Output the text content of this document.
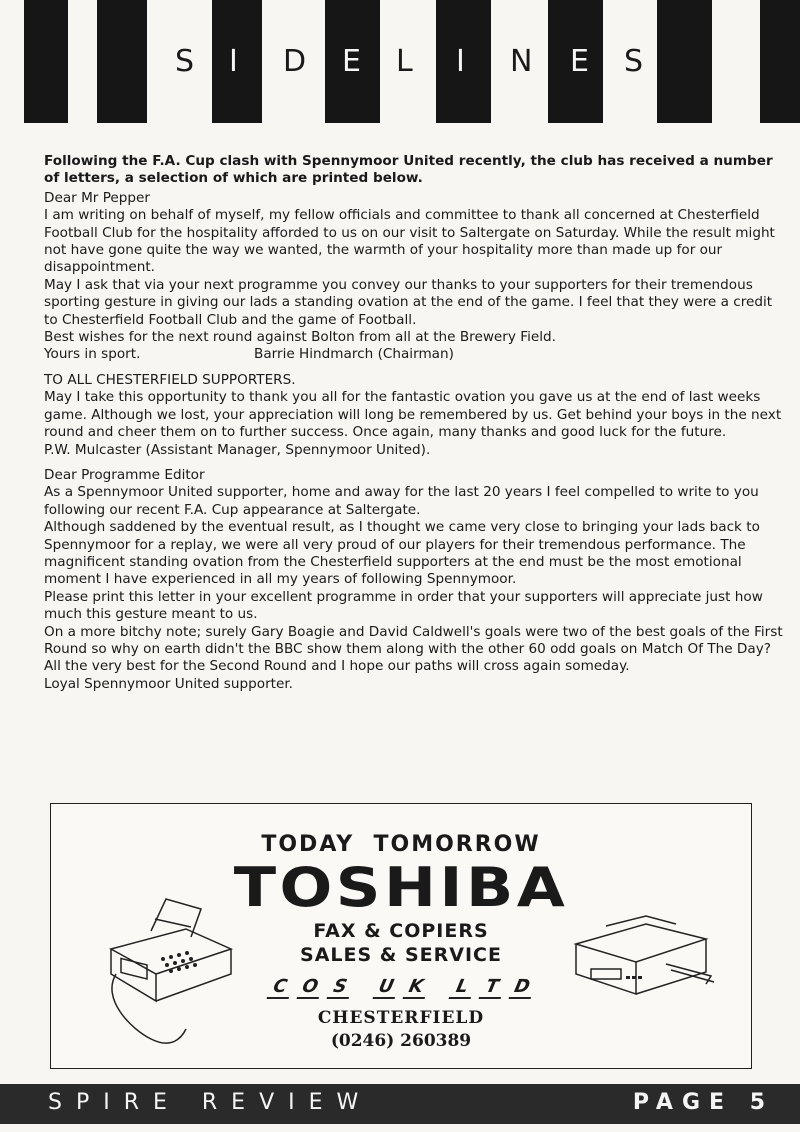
S I D E L I N E S

Following the F.A. Cup clash with Spennymoor United recently, the club has received a number of letters, a selection of which are printed below.

Dear Mr Pepper

I am writing on behalf of myself, my fellow officials and committee to thank all concerned at Chesterfield Football Club for the hospitality afforded to us on our visit to Saltergate on Saturday. While the result might not have gone quite the way we wanted, the warmth of your hospitality more than made up for our disappointment.

May I ask that via your next programme you convey our thanks to your supporters for their tremendous sporting gesture in giving our lads a standing ovation at the end of the game. I feel that they were a credit to Chesterfield Football Club and the game of Football.

Best wishes for the next round against Bolton from all at the Brewery Field.

Yours in sport.	Barrie Hindmarch (Chairman)

TO ALL CHESTERFIELD SUPPORTERS.

May I take this opportunity to thank you all for the fantastic ovation you gave us at the end of last weeks game. Although we lost, your appreciation will long be remembered by us. Get behind your boys in the next round and cheer them on to further success. Once again, many thanks and good luck for the future.

P.W. Mulcaster (Assistant Manager, Spennymoor United).

Dear Programme Editor

As a Spennymoor United supporter, home and away for the last 20 years I feel compelled to write to you following our recent F.A. Cup appearance at Saltergate.

Although saddened by the eventual result, as I thought we came very close to bringing your lads back to Spennymoor for a replay, we were all very proud of our players for their tremendous performance. The magnificent standing ovation from the Chesterfield supporters at the end must be the most emotional moment I have experienced in all my years of following Spennymoor.

Please print this letter in your excellent programme in order that your supporters will appreciate just how much this gesture meant to us.

On a more bitchy note; surely Gary Boagie and David Caldwell's goals were two of the best goals of the First Round so why on earth didn't the BBC show them along with the other 60 odd goals on Match Of The Day?

All the very best for the Second Round and I hope our paths will cross again someday.

Loyal Spennymoor United supporter.

TODAY  TOMORROW
TOSHIBA
FAX & COPIERS
SALES & SERVICE
C O S U K	L T D
CHESTERFIELD
(0246) 260389
SPIRE REVIEW	PAGE 5
